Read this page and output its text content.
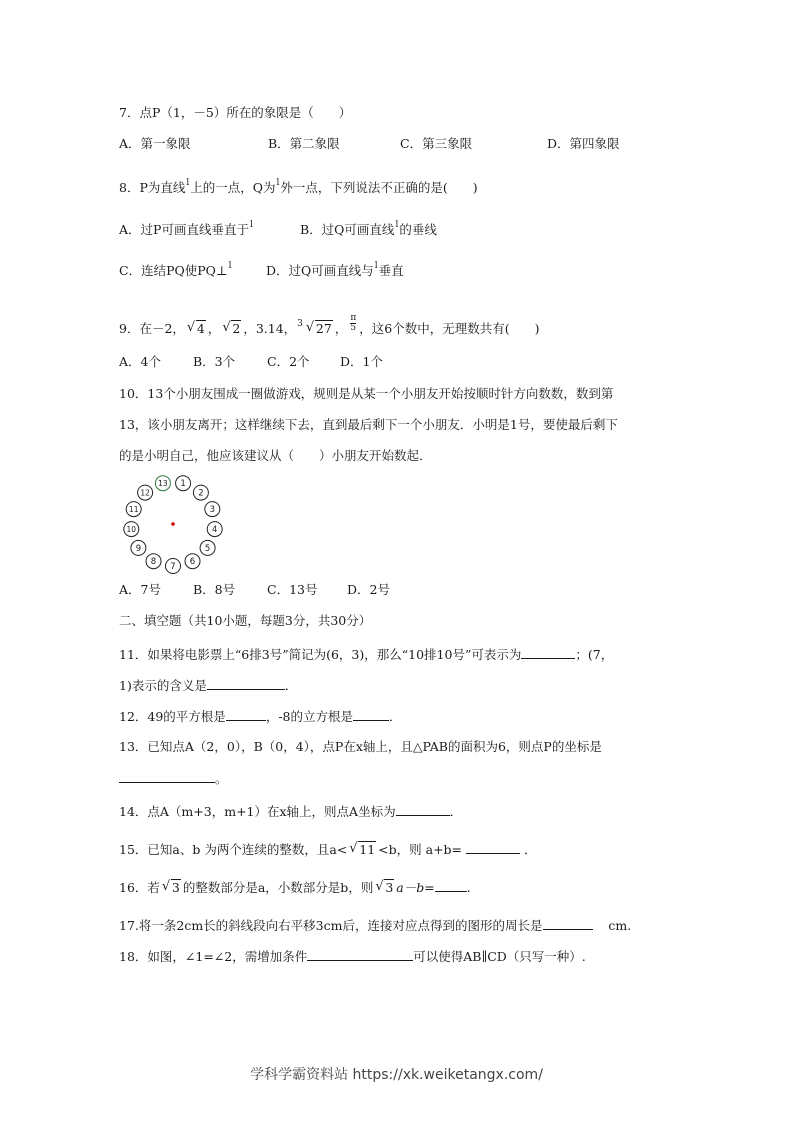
7．点P（1，－5）所在的象限是（　　）
A．第一象限	B．第二象限	C．第三象限	D．第四象限
8．P为直线$^l$上的一点，Q为$^l$外一点，下列说法不正确的是(　　)
A．过P可画直线垂直于$^l$	B．过Q可画直线$^l$的垂线
C．连结PQ使PQ⊥$^l$	D．过Q可画直线与$^l$垂直
9．在－2， √ 4 ， √ 2 ，3.14，$^3$ √ 27 ， $\frac{\pi}{5}$ ，这6个数中，无理数共有(　　)
A．4个	B．3个	C．2个 D．1个
10．13个小朋友围成一圈做游戏，规则是从某一个小朋友开始按顺时针方向数数，数到第
13，该小朋友离开；这样继续下去，直到最后剩下一个小朋友．小明是1号，要使最后剩下
的是小明自己，他应该建议从（　　）小朋友开始数起．
1
2
3
4
5
6
7
8
9
10
11
12
13
A．7号	B．8号	C．13号 D．2号
二、填空题（共10小题，每题3分，共30分）
11．如果将电影票上“6排3号”简记为(6，3)，那么“10排10号”可表示为	；(7，
1)表示的含义是	．
12．49的平方根是	，-8的立方根是	．
13．已知点A（2，0），B（0，4），点P在x轴上，且△PAB的面积为6，则点P的坐标是
。
14．点A（m+3，m+1）在x轴上，则点A坐标为	．
15．已知a、b 为两个连续的整数，且a< √ 11 <b，则 a+b=	．
16．若 √ 3 的整数部分是a，小数部分是b，则 √ 3 a－b=	.
17.将一条2cm长的斜线段向右平移3cm后，连接对应点得到的图形的周长是	cm.
18．如图，∠1=∠2，需增加条件	可以使得AB∥CD（只写一种）.
学科学霸资料站 https://xk.weiketangx.com/
